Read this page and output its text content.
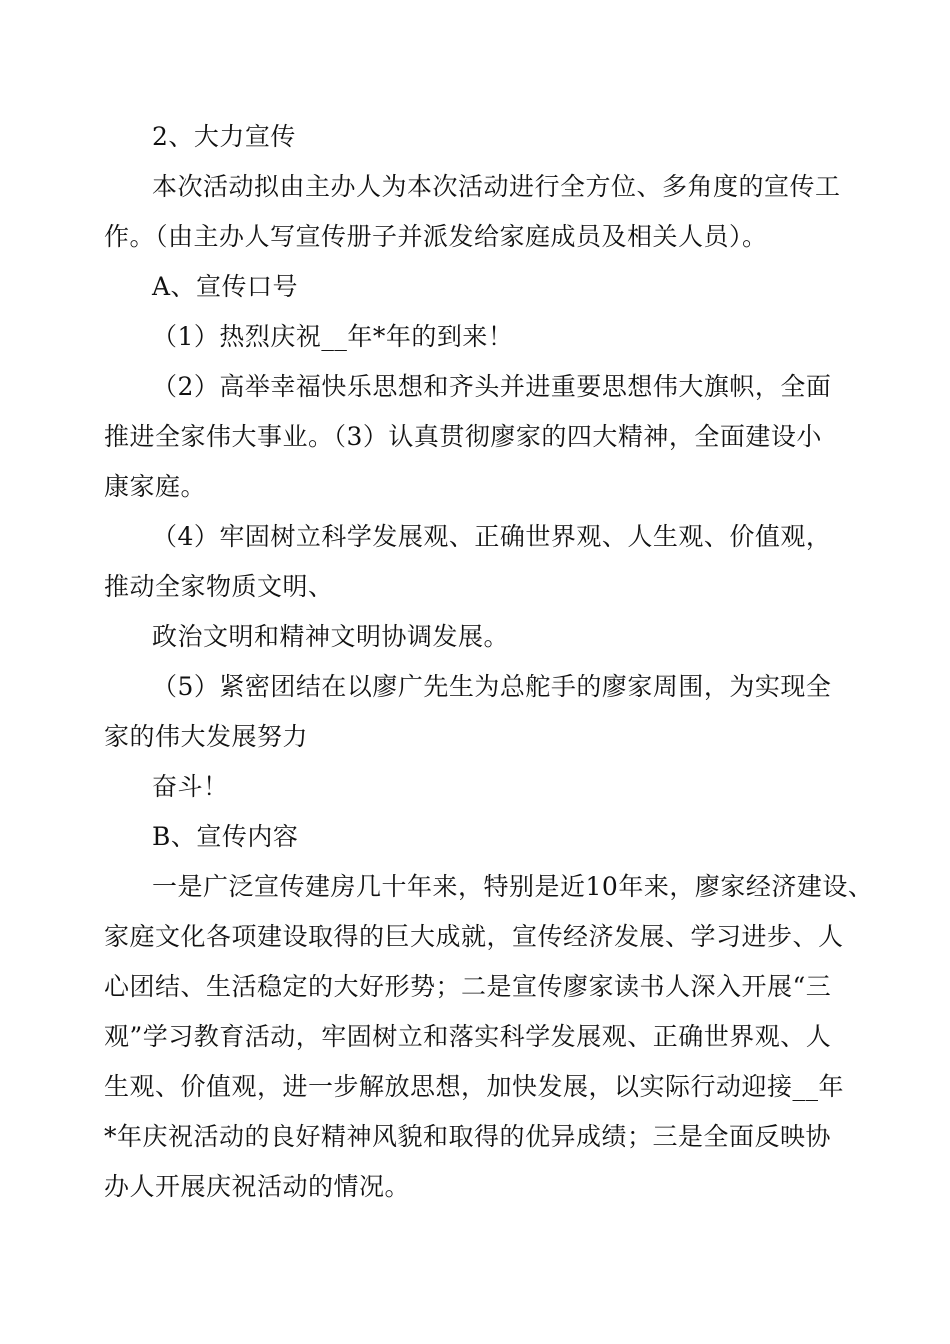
2、大力宣传
本次活动拟由主办人为本次活动进行全方位、多角度的宣传工
作。（由主办人写宣传册子并派发给家庭成员及相关人员）。
A、宣传口号
（1）热烈庆祝__年*年的到来！
（2）高举幸福快乐思想和齐头并进重要思想伟大旗帜，全面
推进全家伟大事业。（3）认真贯彻廖家的四大精神，全面建设小
康家庭。
（4）牢固树立科学发展观、正确世界观、人生观、价值观，
推动全家物质文明、
政治文明和精神文明协调发展。
（5）紧密团结在以廖广先生为总舵手的廖家周围，为实现全
家的伟大发展努力
奋斗！
B、宣传内容
一是广泛宣传建房几十年来，特别是近10年来，廖家经济建设、
家庭文化各项建设取得的巨大成就，宣传经济发展、学习进步、人
心团结、生活稳定的大好形势；二是宣传廖家读书人深入开展“三
观”学习教育活动，牢固树立和落实科学发展观、正确世界观、人
生观、价值观，进一步解放思想，加快发展，以实际行动迎接__年
*年庆祝活动的良好精神风貌和取得的优异成绩；三是全面反映协
办人开展庆祝活动的情况。
